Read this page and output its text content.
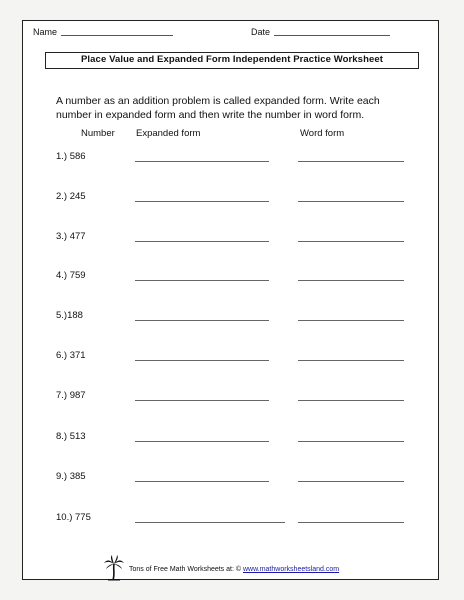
Name	Date
Place Value and Expanded Form Independent Practice Worksheet

A number as an addition problem is called expanded form. Write each number in expanded form and then write the number in word form.

Number Expanded form	Word form
1.) 586
2.) 245
3.) 477
4.) 759
5.)188
6.) 371
7.) 987
8.) 513
9.) 385
10.) 775
Tons of Free Math Worksheets at: © www.mathworksheetsland.com
